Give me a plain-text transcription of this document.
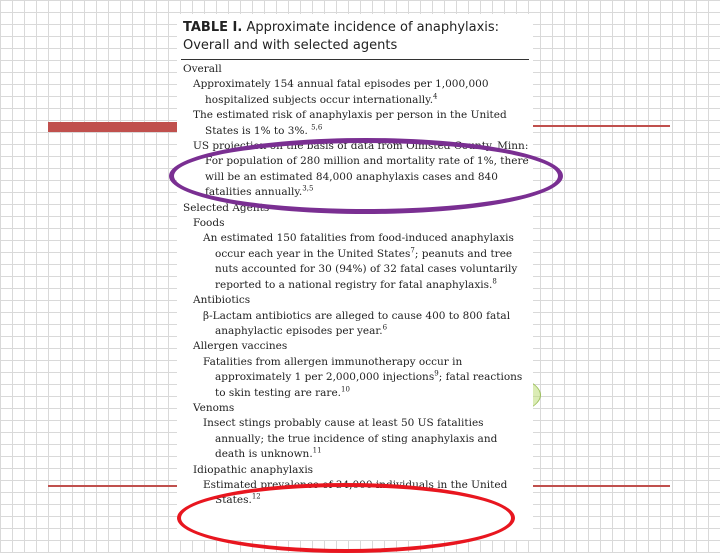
TABLE I. Approximate incidence of anaphylaxis: Overall and with selected agents
Overall
Approximately 154 annual fatal episodes per 1,000,000 hospitalized subjects occur internationally.$^4$
The estimated risk of anaphylaxis per person in the United States is 1% to 3%. $^{5,6}$
US projection on the basis of data from Olmsted County, Minn: For population of 280 million and mortality rate of 1%, there will be an estimated 84,000 anaphylaxis cases and 840 fatalities annually.$^{3,5}$
Selected Agents
Foods
An estimated 150 fatalities from food-induced anaphylaxis occur each year in the United States$^7$; peanuts and tree nuts accounted for 30 (94%) of 32 fatal cases voluntarily reported to a national registry for fatal anaphylaxis.$^8$
Antibiotics
β-Lactam antibiotics are alleged to cause 400 to 800 fatal anaphylactic episodes per year.$^6$
Allergen vaccines
Fatalities from allergen immunotherapy occur in approximately 1 per 2,000,000 injections$^9$; fatal reactions to skin testing are rare.$^{10}$
Venoms
Insect stings probably cause at least 50 US fatalities annually; the true incidence of sting anaphylaxis and death is unknown.$^{11}$
Idiopathic anaphylaxis
Estimated prevalence of 34,000 individuals in the United States.$^{12}$
